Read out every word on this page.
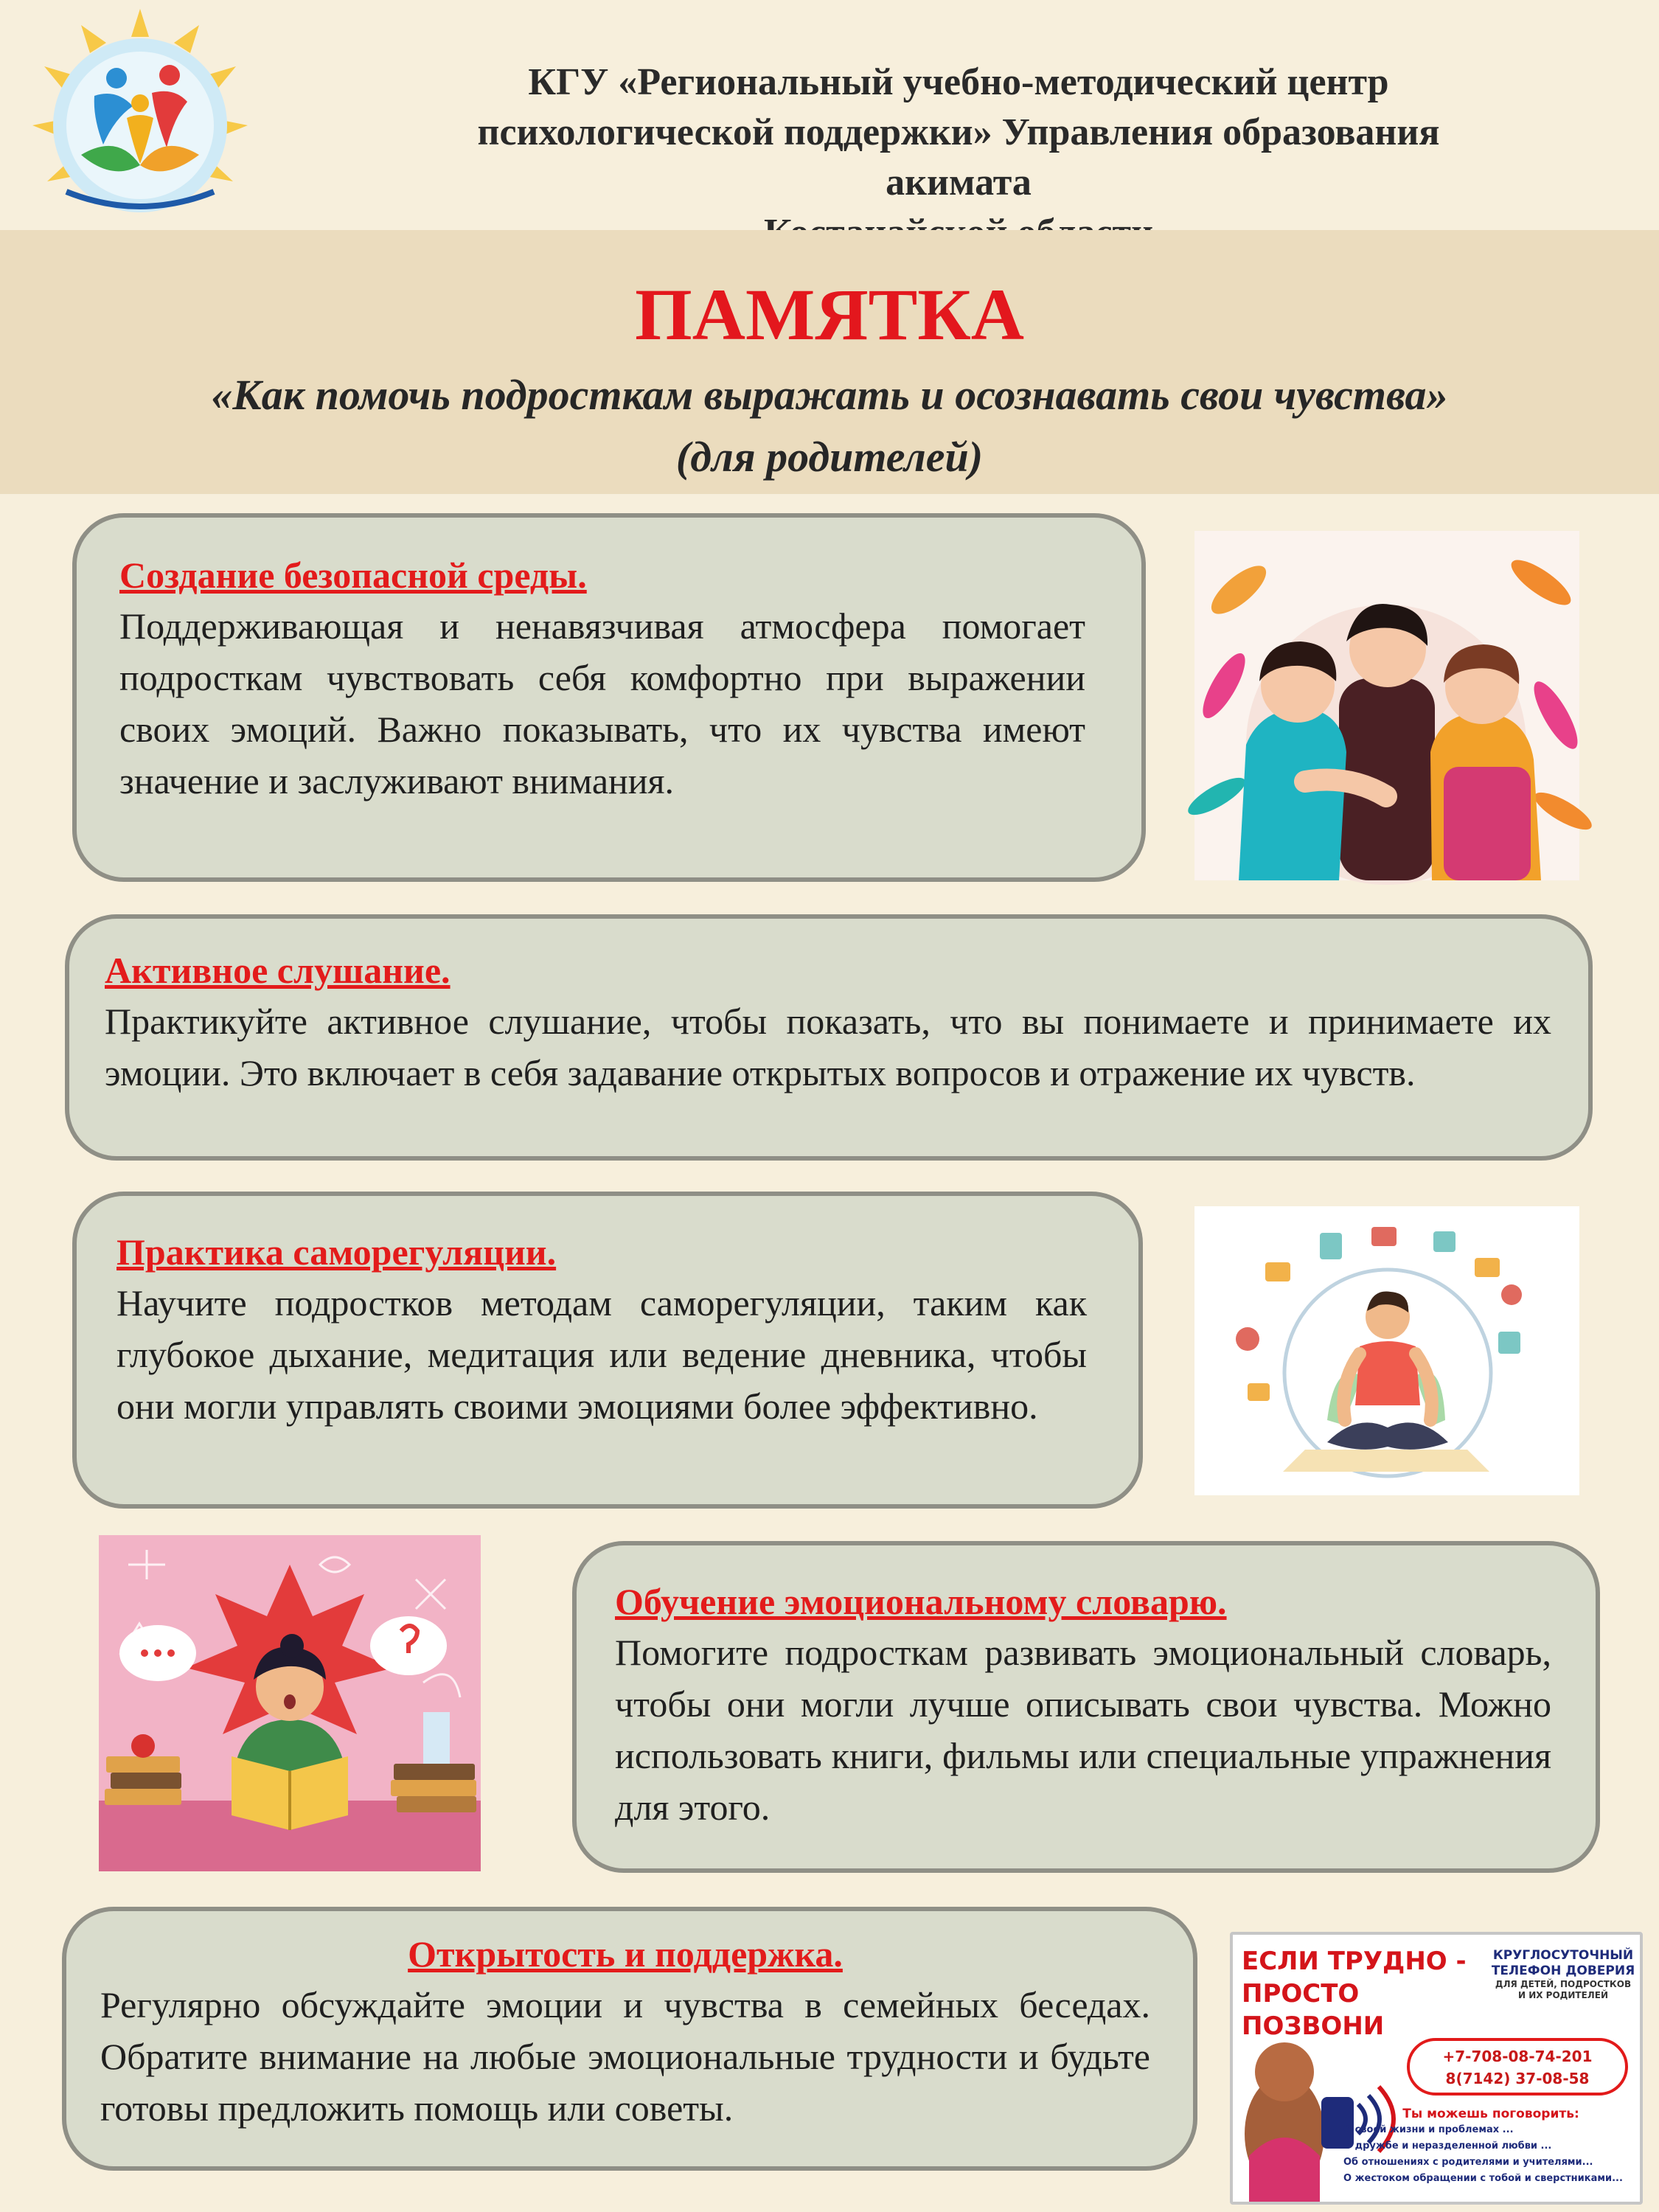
КГУ «Региональный учебно-методический центр
психологической поддержки» Управления образования
акимата
ПАМЯТКА
«Как помочь подросткам выражать и осознавать свои чувства»
(для родителей)
Создание безопасной среды.
Поддерживающая и ненавязчивая атмосфера помогает подросткам чувствовать себя комфортно при выражении своих эмоций. Важно показывать, что их чувства имеют значение и заслуживают внимания.
Активное слушание.
Практикуйте активное слушание, чтобы показать, что вы понимаете и принимаете их эмоции. Это включает в себя задавание открытых вопросов и отражение их чувств.
Практика саморегуляции.
Научите подростков методам саморегуляции, таким как глубокое дыхание, медитация или ведение дневника, чтобы они могли управлять своими эмоциями более эффективно.
Обучение эмоциональному словарю.
Помогите подросткам развивать эмоциональный словарь, чтобы они могли лучше описывать свои чувства. Можно использовать книги, фильмы или специальные упражнения для этого.
Открытость и поддержка.
Регулярно обсуждайте эмоции и чувства в семейных беседах. Обратите внимание на любые эмоциональные трудности и будьте готовы предложить помощь или советы.
ЕСЛИ ТРУДНО -
ПРОСТО ПОЗВОНИ
КРУГЛОСУТОЧНЫЙ
ТЕЛЕФОН ДОВЕРИЯ
ДЛЯ ДЕТЕЙ, ПОДРОСТКОВ И ИХ РОДИТЕЛЕЙ
+7-708-08-74-201
8(7142) 37-08-58
Ты можешь поговорить:
О своей жизни и проблемах ...
О дружбе и неразделенной любви ...
Об отношениях с родителями и учителями...
О жестоком обращении с тобой и сверстниками...
